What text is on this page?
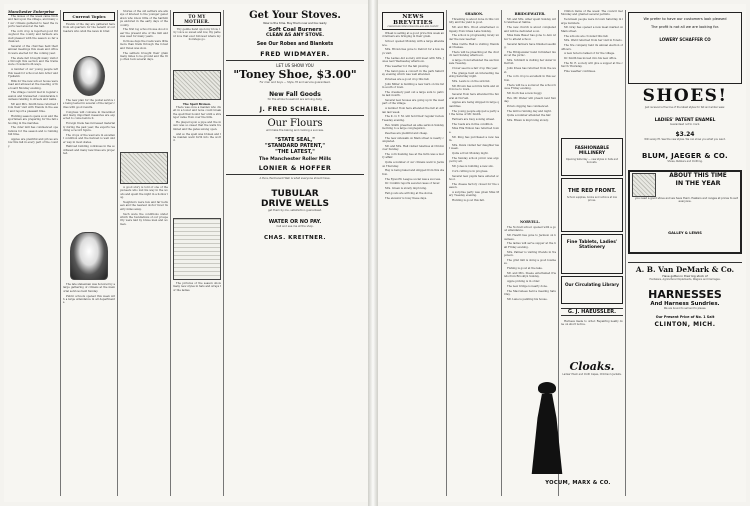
Manchester Enterprise

The issues of the week came thick and fast upon the village, and many of our citizens gathered to hear the reports read aloud at the hall.

The corn crop is reported good throughout the county and farmers are well pleased with the season so far advanced.

Several of the churches held their annual meetings this week and officers were elected for the coming year.

The state fair brought many visitors through this section and the trains were crowded both ways.

A number of our young people left this week for school at Ann Arbor and Ypsilanti.

Bills for the new school house were read and allowed at the meeting of the board Monday evening.

The village council met in regular session and transacted considerable business relating to streets and walks.

Mr and Mrs. Smith have returned from their visit with friends in the east and report a pleasant time.

Hunting season opens soon and the sportsmen are preparing for the fall shooting in the marshes.

The cider mill has commenced operations for the season and is running full time.

Apples are plentiful and prices are low this fall in every part of the county.

Current Topics

Events of the day are gathered here from all quarters for the benefit of our readers who wish the news in brief.

The new plan for the postal service is being tested in several of the larger cities with good results.

Congress will convene in December and many important measures are expected to come before it.

Foreign trade has increased materially during the past year, the exports reaching a record figure.

The crops of the west are in excellent condition and the harvest is well under way in most states.

Railroad building continues in the southwest and many new lines are projected.

The late statesman was honored by a large gathering of citizens at the memorial services held Sunday.

Public schools opened this week with a large attendance in all departments.

Stories of the old settlers are always of interest to the younger generation who know little of the hardships endured in the early days of the county.

The first log school house stood near the present site of the mill and was used for many years.

In those days the roads were little more than trails through the forest and travel was slow.

The settlers brought their grain many miles to be ground and the trip often took several days.

A good story is told of one of the pioneers who lost his way in the woods and spent the night in a hollow log.

Neighbors were few and far between and the nearest doctor lived twenty miles away.

Such were the conditions under which the foundations of our prosperity were laid by brave men and women.

TO MY MOTHER.

Thy gentle hand upon my brow, thy voice so sweet and low, thy patient love that ever followed where my footsteps go.

The Spell Broken.

There was once a maiden who dwelt in a tower and none could break the spell that bound her until a stranger came from over the hills.

He played upon a pipe and the music was so sweet that the walls trembled and the gates swung open.

And so the spell was broken and the maiden went forth into the world.

The pictures of the season show many new styles in hats and wraps for the ladies.

Get Your Stoves.
Now is the time. Buy them now and be ready
Soft Coal Burners
CLEAN AS ANY STOVE.
See Our Robes and Blankets
FRED WIDMAYER.
LET US SHOW YOU
"Toney Shoe, $3.00"
For men and boys — Style, fit and service guaranteed.
New Fall Goods
for the whole household are arriving daily.
J. FRED SCHAIBLE.
Our Flours
will make the baking and cooking a success.
"STATE SEAL,"
"STANDARD PATENT,"
"THE LATEST,"
The Manchester Roller Mills
LONIER & HOFFER
A Pure, Permanent Well is what everyone should have.
TUBULAR
DRIVE WELLS
get them by me, satisfaction guaranteed.
WATER OR NO PAY.
Call and see me at the shop.
CHAS. KREITNER.
NEWS BREVITIES
CONDENSED NEWS FROM VILLAGE AND COUNTY

Wheat is selling at a good price this week and farmers are bringing in their grain.

School opened Monday with a large attendance.

Mrs. Brown has gone to Detroit for a few days visit.

The Ladies Aid society will meet with Mrs. Jones next Wednesday afternoon.

Fine weather for the fall plowing.

The band gave a concert in the park Saturday evening which was well attended.

Potatoes are a good crop this fall.

John Miller is building a new barn on his farm south of town.

The creamery paid out a large sum to patrons last month.

Several new houses are going up in the west part of the village.

A number from here attended the fair at Adrian last week.

The K. O. T. M. will hold their regular review Tuesday evening.

Rev. Smith preached an able sermon Sunday morning to a large congregation.

Peaches are plentiful and cheap.

The new sidewalk on Main street is nearly completed.

Mr. and Mrs. Hall visited relatives at Clinton over Sunday.

The corn husking bee at the farm was a merry affair.

Quite a number of our citizens went to Jackson Thursday.

Hay is being baled and shipped from this station.

The Epworth League social was a success.

Dr. Conklin reports several cases of fever.

Mrs. Green is slowly improving.

Fall goods are arriving at the stores.

The elevator is busy these days.

SHARON.

Threshing is about done in this vicinity and the yield is good.

Mr. and Mrs. Wood entertained company from Grass Lake Sunday.

The school is progressing nicely under the new teacher.

Miss Carrie Hall is visiting friends at Chelsea.

There will be preaching at the church next Sunday afternoon.

A large crowd attended the auction sale Tuesday.

Clover seed is a fair crop this year.

The grange held an interesting meeting Saturday night.

Mrs. Lewis is on the sick list.

Mr. Brown has sold his farm and will move to town.

Several from here attended the funeral at Norvell.

Apples are being shipped in large quantities.

The young people enjoyed a party at the home of Mr. Smith.

Farmers are busy sowing wheat.

The roads are in fine condition.

Miss Ella Wilson has returned home.

Mr. King has purchased a new team.

Mrs. Davis visited her daughter last week.

Quite a frost Monday night.

The Sunday school picnic was enjoyed by all.

Mr. Jones is building a new silo.

Corn cutting is in progress.

Several new pupils have entered school.

The cheese factory closed for the season.

A surprise party was given Miss Mary Tuesday evening.

Hunting is good this fall.

BRIDGEWATER.

Mr. and Mrs. Alber spent Sunday with relatives at Saline.

The new church is about completed and will be dedicated soon.

Miss Kate Bauer has gone to Ann Arbor to attend school.

Several farmers have finished seeding.

The Bridgewater band furnished music at the picnic.

Mrs. Schmidt is visiting her sister in Detroit.

John Kress has returned from the west.

The corn crop is excellent in this section.

There will be a social at the school house Friday evening.

Mr. Koch has a new buggy.

Rev. Mr. Weber will preach next Sunday.

Potato digging has commenced.

The mill is running day and night.

Quite a number attended the fair.

Mrs. Braun is improving slowly.

NORVELL.

The Norvell school opened with a good attendance.

Mr. Hewitt has gone to Jackson on business.

The ladies will serve supper at the hall Friday evening.

Mrs. Palmer is visiting friends in Napoleon.

The grist mill is doing a good business.

Fishing is good at the lake.

Mr. and Mrs. Steele entertained friends from Brooklyn Sunday.

Apple picking is in order.

The new bridge is nearly done.

The Maccabees held a meeting Saturday.

Mr. Lane is painting his house.

Clinton items of the week: The council met Monday and granted several permits.

Tecumseh people were in town Saturday in large numbers.

Mr. Gray has opened a new meat market on Main street.

The schools are crowded this fall.

Mrs. Ward returned from her visit in Toledo.

The fire company held its annual election of officers.

A new hotel is talked of for the village.

Dr. Smith has moved into his new office.

The M. E. society will give a supper at the church Thursday.

Fine weather continues.

FASHIONABLE MILLINERY
Opening Saturday — new styles in hats and bonnets.
THE RED FRONT.
School supplies, books and notions at low prices.
Fine Tablets, Ladies' Stationery
Our Circulating Library
G. J. HAEUSSLER.

Harness made to order. Repairing neatly done on short notice.

Cloaks.
Ladies' Plush and Cloth Capes, Children's Jackets.
YOCUM, MARX & CO.
We prefer to have our customers look pleased
The profit is not all we are looking for.
LOWERY SCHAFFER CO
SHOES!
Just received a fine line of the latest styles for fall and winter wear.
LADIES' PATENT ENAMEL
Guaranteed not to crack.
$3.24
Will surely fit. See the new styles. We can show you what you want.
BLUM, JAEGER & CO.
Shoes, Rubbers and Clothing.
ABOUT THIS TIME
IN THE YEAR

you need a good stove and we have them. Heaters and ranges at prices to suit everyone.

GALLEY & LEWIS
A. B. Van DeMark & Co.
Have gotten in their big stock of
Hardware, Agricultural Implements, Wagons and Carriages.
HARNESSES
And Harness Sundries.
We are bound to sell and to please.
Our Present Price of No. 1 Salt
CLINTON, MICH.
